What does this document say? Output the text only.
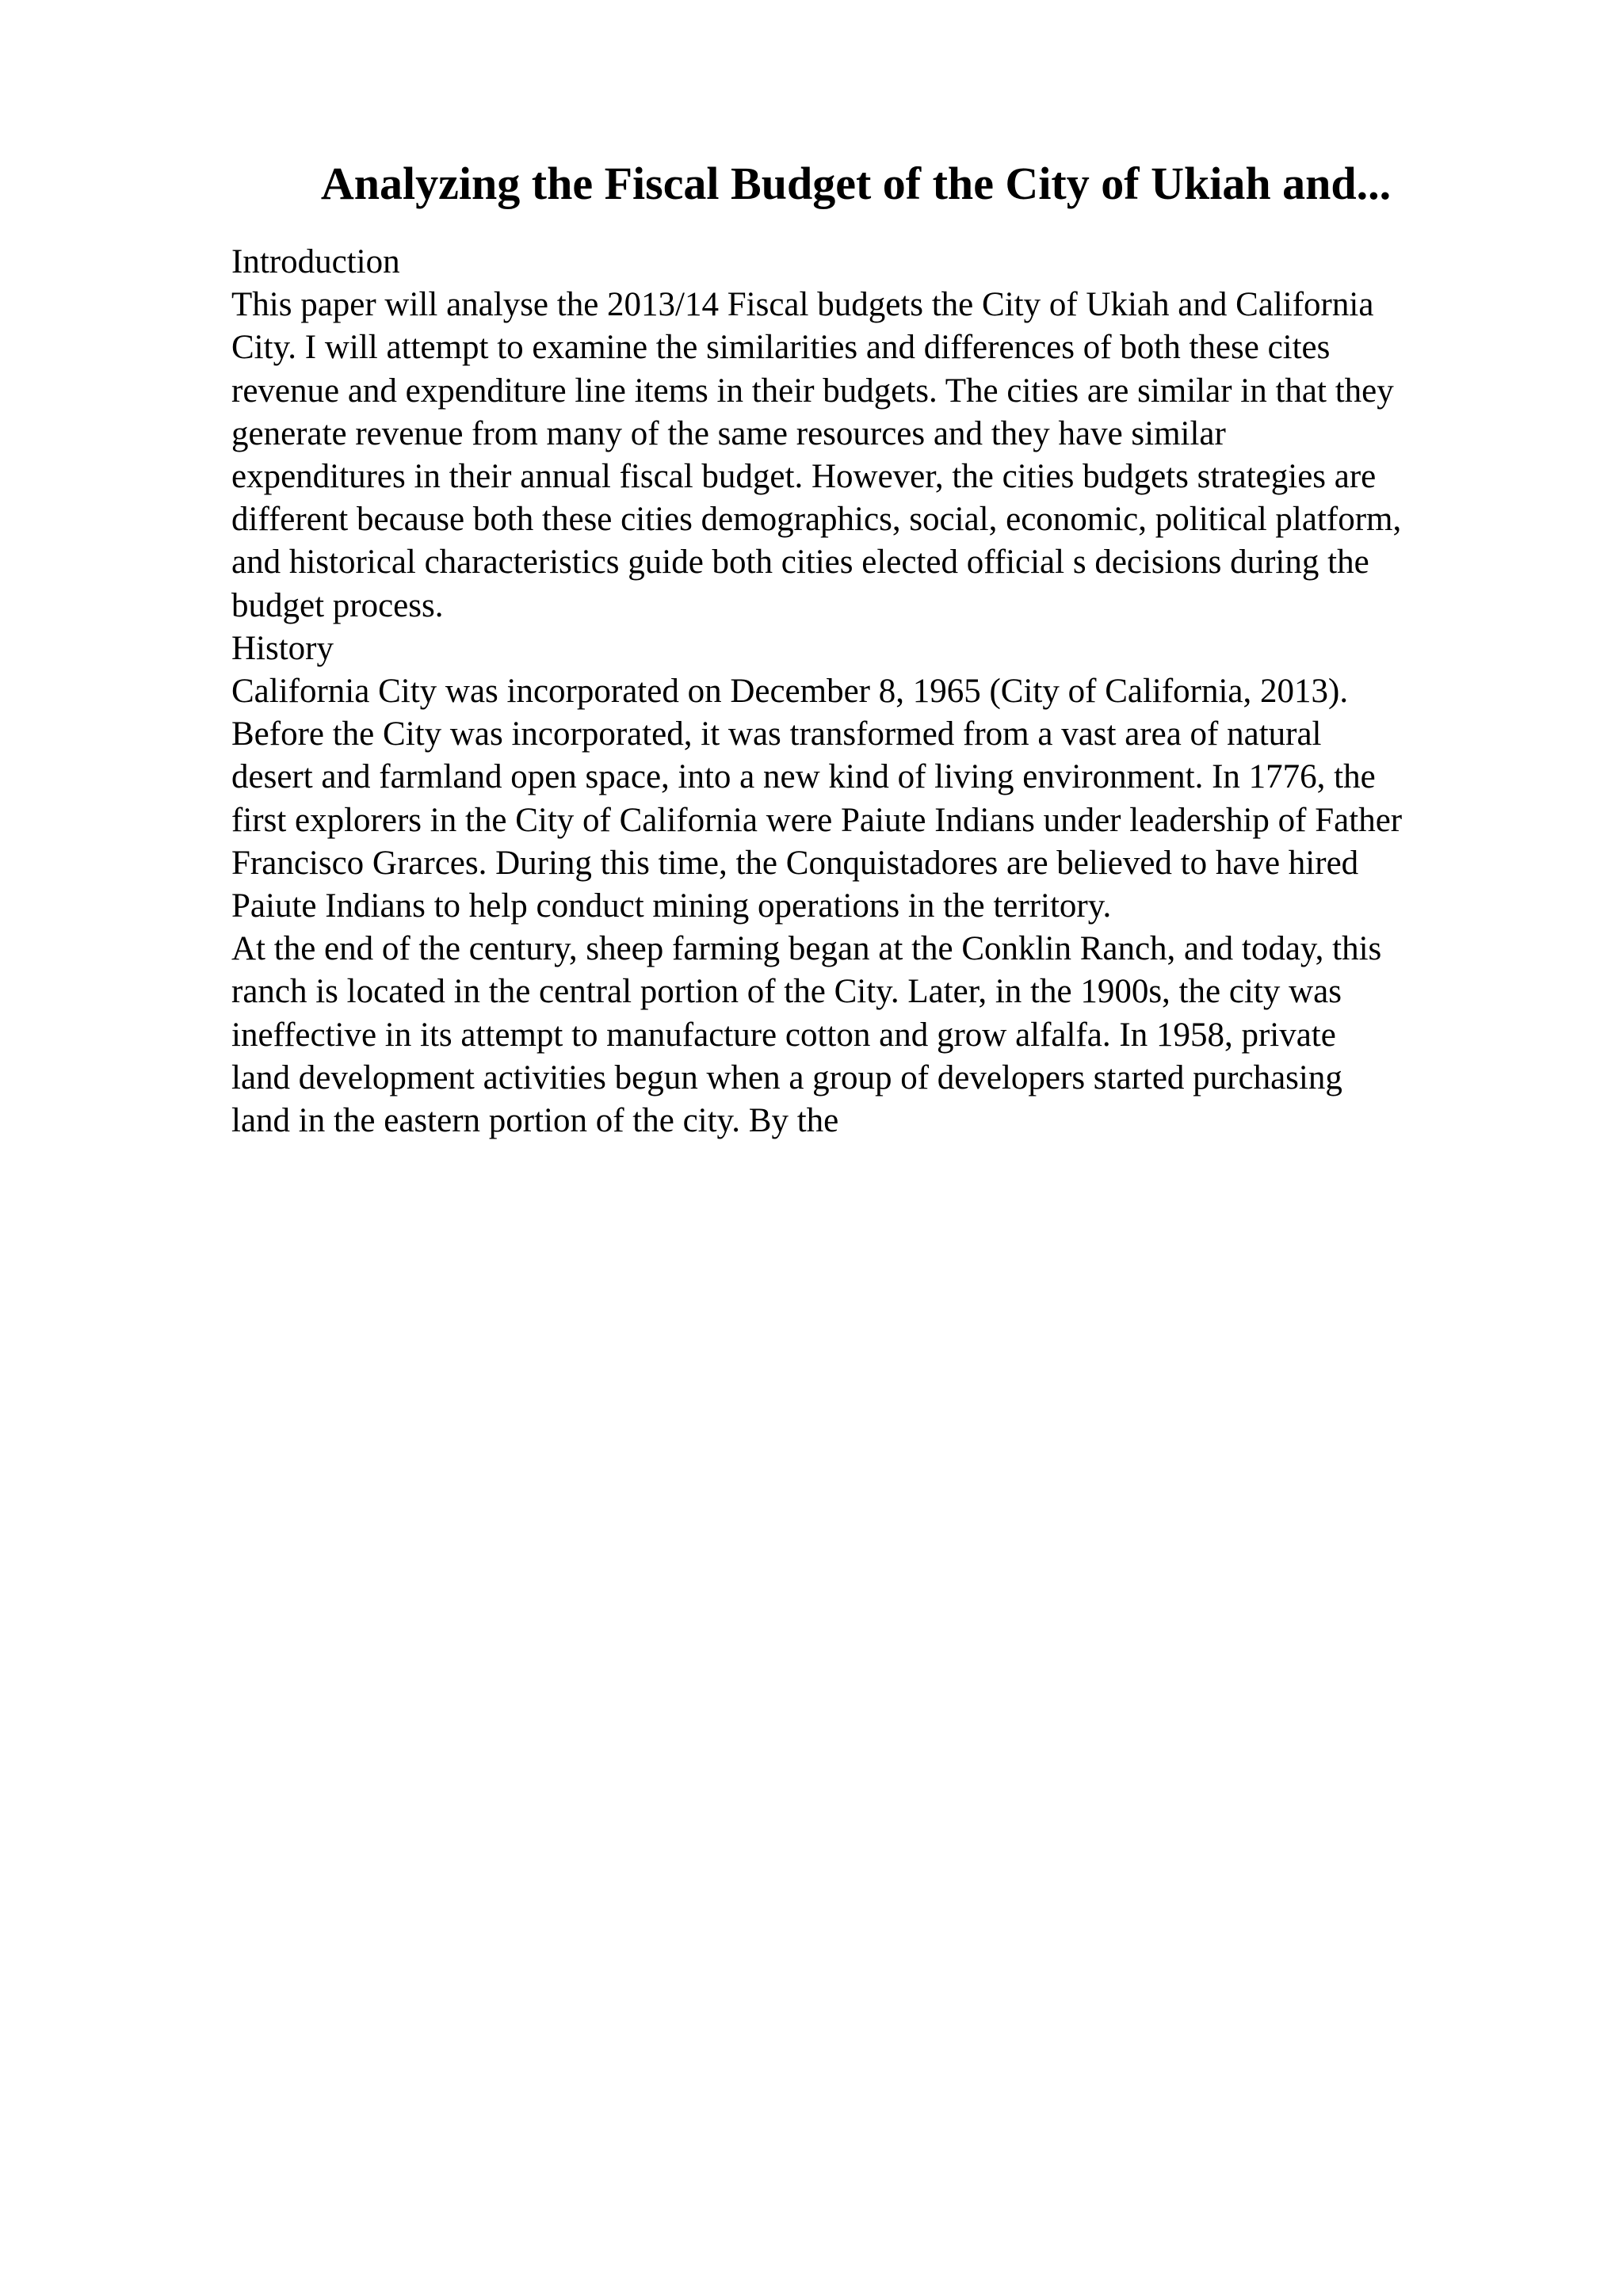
Analyzing the Fiscal Budget of the City of Ukiah and...
Introduction
This paper will analyse the 2013/14 Fiscal budgets the City of Ukiah and California
City. I will attempt to examine the similarities and differences of both these cites
revenue and expenditure line items in their budgets. The cities are similar in that they
generate revenue from many of the same resources and they have similar
expenditures in their annual fiscal budget. However, the cities budgets strategies are
different because both these cities demographics, social, economic, political platform,
and historical characteristics guide both cities elected official s decisions during the
budget process.
History
California City was incorporated on December 8, 1965 (City of California, 2013).
Before the City was incorporated, it was transformed from a vast area of natural
desert and farmland open space, into a new kind of living environment. In 1776, the
first explorers in the City of California were Paiute Indians under leadership of Father
Francisco Grarces. During this time, the Conquistadores are believed to have hired
Paiute Indians to help conduct mining operations in the territory.
At the end of the century, sheep farming began at the Conklin Ranch, and today, this
ranch is located in the central portion of the City. Later, in the 1900s, the city was
ineffective in its attempt to manufacture cotton and grow alfalfa. In 1958, private
land development activities begun when a group of developers started purchasing
land in the eastern portion of the city. By the
